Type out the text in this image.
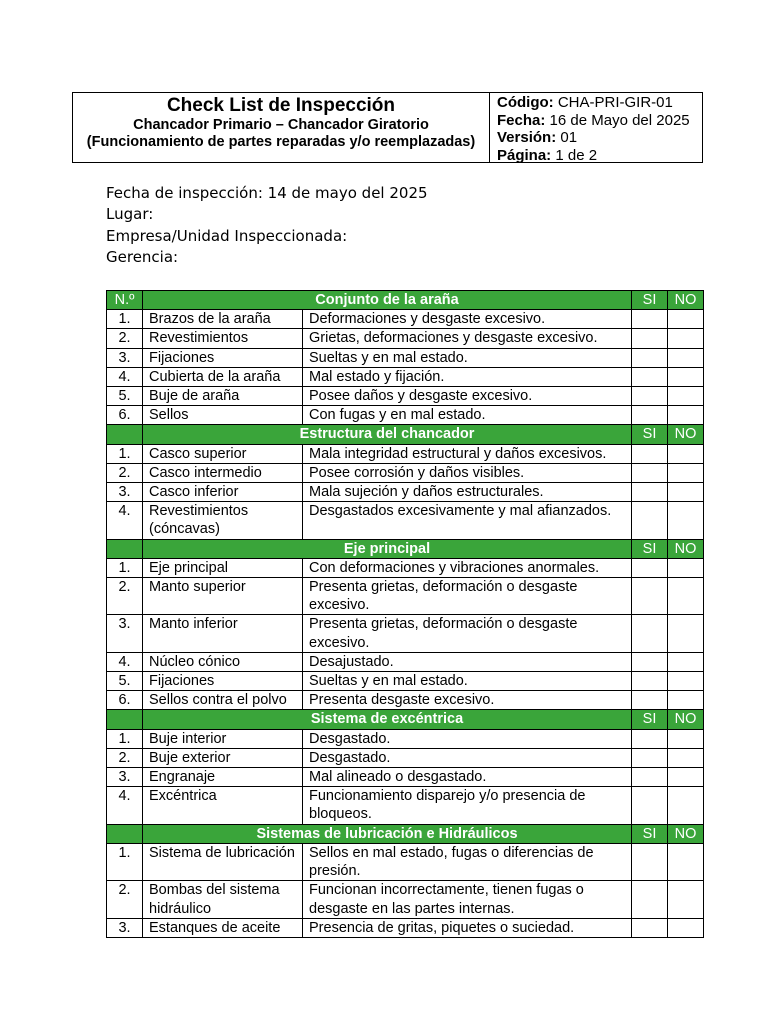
Check List de Inspección
Chancador Primario – Chancador Giratorio
(Funcionamiento de partes reparadas y/o reemplazadas)
Código: CHA-PRI-GIR-01
Fecha: 16 de Mayo del 2025
Versión: 01
Página: 1 de 2
Fecha de inspección: 14 de mayo del 2025
Lugar:
Empresa/Unidad Inspeccionada:
Gerencia:
N.º	Conjunto de la araña		SI	NO
1.	Brazos de la araña	Deformaciones y desgaste excesivo.		
2.	Revestimientos	Grietas, deformaciones y desgaste excesivo.		
3.	Fijaciones	Sueltas y en mal estado.		
4.	Cubierta de la araña	Mal estado y fijación.		
5.	Buje de araña	Posee daños y desgaste excesivo.		
6.	Sellos	Con fugas y en mal estado.		
	Estructura del chancador		SI	NO
1.	Casco superior	Mala integridad estructural y daños excesivos.		
2.	Casco intermedio	Posee corrosión y daños visibles.		
3.	Casco inferior	Mala sujeción y daños estructurales.		
4.	Revestimientos (cóncavas)	Desgastados excesivamente y mal afianzados.		
	Eje principal		SI	NO
1.	Eje principal	Con deformaciones y vibraciones anormales.		
2.	Manto superior	Presenta grietas, deformación o desgaste excesivo.		
3.	Manto inferior	Presenta grietas, deformación o desgaste excesivo.		
4.	Núcleo cónico	Desajustado.		
5.	Fijaciones	Sueltas y en mal estado.		
6.	Sellos contra el polvo	Presenta desgaste excesivo.		
	Sistema de excéntrica		SI	NO
1.	Buje interior	Desgastado.		
2.	Buje exterior	Desgastado.		
3.	Engranaje	Mal alineado o desgastado.		
4.	Excéntrica	Funcionamiento disparejo y/o presencia de bloqueos.		
	Sistemas de lubricación e Hidráulicos		SI	NO
1.	Sistema de lubricación	Sellos en mal estado, fugas o diferencias de presión.		
2.	Bombas del sistema hidráulico	Funcionan incorrectamente, tienen fugas o desgaste en las partes internas.		
3.	Estanques de aceite	Presencia de gritas, piquetes o suciedad.		
